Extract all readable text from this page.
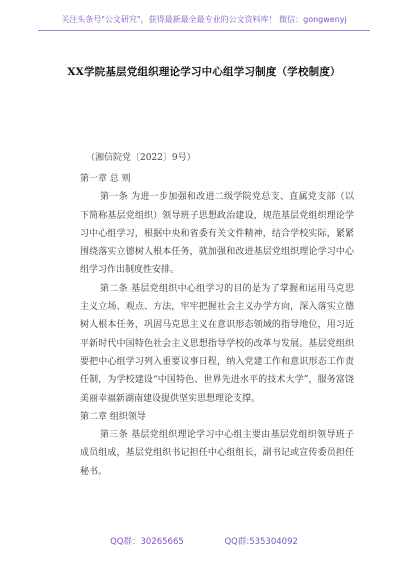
关注头条号"公文研究"，获得最新最全最专业的公文资料库！ 微信：gongwenyj
XX学院基层党组织理论学习中心组学习制度（学校制度）
（湘信院党〔2022〕9号）

第一章 总 则

第一条 为进一步加强和改进二级学院党总支、直属党支部（以下简称基层党组织）领导班子思想政治建设，规范基层党组织理论学习中心组学习，根据中央和省委有关文件精神，结合学校实际，紧紧围绕落实立德树人根本任务，就加强和改进基层党组织理论学习中心组学习作出制度性安排。

第二条 基层党组织中心组学习的目的是为了掌握和运用马克思主义立场、观点、方法，牢牢把握社会主义办学方向，深入落实立德树人根本任务，巩固马克思主义在意识形态领域的指导地位，用习近平新时代中国特色社会主义思想指导学校的改革与发展。基层党组织要把中心组学习列入重要议事日程，纳入党建工作和意识形态工作责任制，为学校建设“中国特色、世界先进水平的技术大学”，服务富饶美丽幸福新湖南建设提供坚实思想理论支撑。

第二章 组织领导

第三条 基层党组织理论学习中心组主要由基层党组织领导班子成员组成，基层党组织书记担任中心组组长，副书记或宣传委员担任秘书。

QQ群：30265665	QQ群:535304092
